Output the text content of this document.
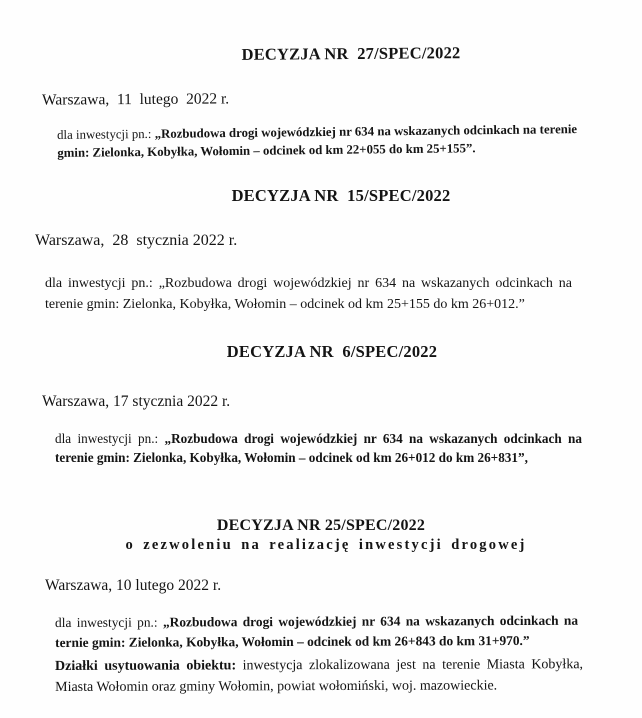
DECYZJA NR  27/SPEC/2022
Warszawa,  11  lutego  2022 r.

dla inwestycji pn.: „Rozbudowa drogi wojewódzkiej nr 634 na wskazanych odcinkach na terenie gmin: Zielonka, Kobyłka, Wołomin – odcinek od km 22+055 do km 25+155”.

DECYZJA NR  15/SPEC/2022
Warszawa,  28  stycznia 2022 r.

dla inwestycji pn.: „Rozbudowa drogi wojewódzkiej nr 634 na wskazanych odcinkach na terenie gmin: Zielonka, Kobyłka, Wołomin – odcinek od km 25+155 do km 26+012.”

DECYZJA NR  6/SPEC/2022
Warszawa, 17 stycznia 2022 r.

dla inwestycji pn.: „Rozbudowa drogi wojewódzkiej nr 634 na wskazanych odcinkach na terenie gmin: Zielonka, Kobyłka, Wołomin – odcinek od km 26+012 do km 26+831”,

DECYZJA NR 25/SPEC/2022
o zezwoleniu na realizację inwestycji drogowej
Warszawa, 10 lutego 2022 r.

dla inwestycji pn.: „Rozbudowa drogi wojewódzkiej nr 634 na wskazanych odcinkach na ternie gmin: Zielonka, Kobyłka, Wołomin – odcinek od km 26+843 do km 31+970.”

Działki usytuowania obiektu: inwestycja zlokalizowana jest na terenie Miasta Kobyłka, Miasta Wołomin oraz gminy Wołomin, powiat wołomiński, woj. mazowieckie.
